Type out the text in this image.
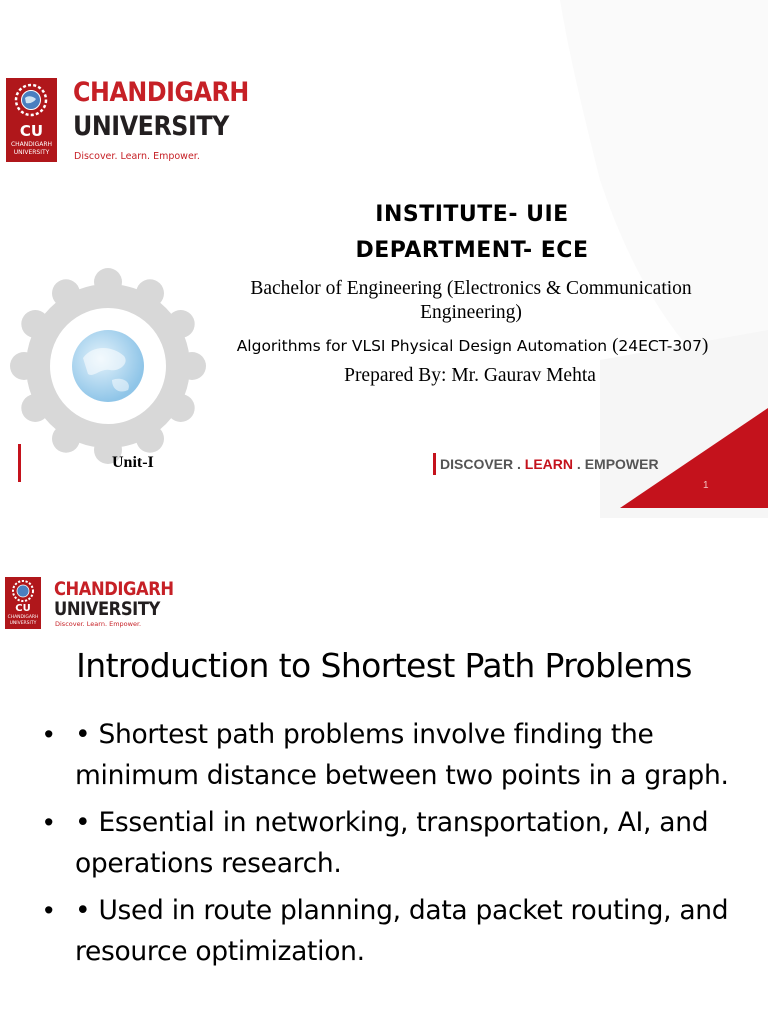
CU
CHANDIGARH
UNIVERSITY
CHANDIGARH
UNIVERSITY
Discover. Learn. Empower.
INSTITUTE- UIE
DEPARTMENT- ECE
Bachelor of Engineering (Electronics & Communication Engineering)
Algorithms for VLSI Physical Design Automation (24ECT-307)
Prepared By: Mr. Gaurav Mehta
Unit-I	DISCOVER . LEARN . EMPOWER
1
CU
CHANDIGARH
UNIVERSITY
CHANDIGARH
UNIVERSITY
Discover. Learn. Empower.
Introduction to Shortest Path Problems
• • Shortest path problems involve finding the minimum distance between two points in a graph.
• • Essential in networking, transportation, AI, and operations research.
• • Used in route planning, data packet routing, and resource optimization.
